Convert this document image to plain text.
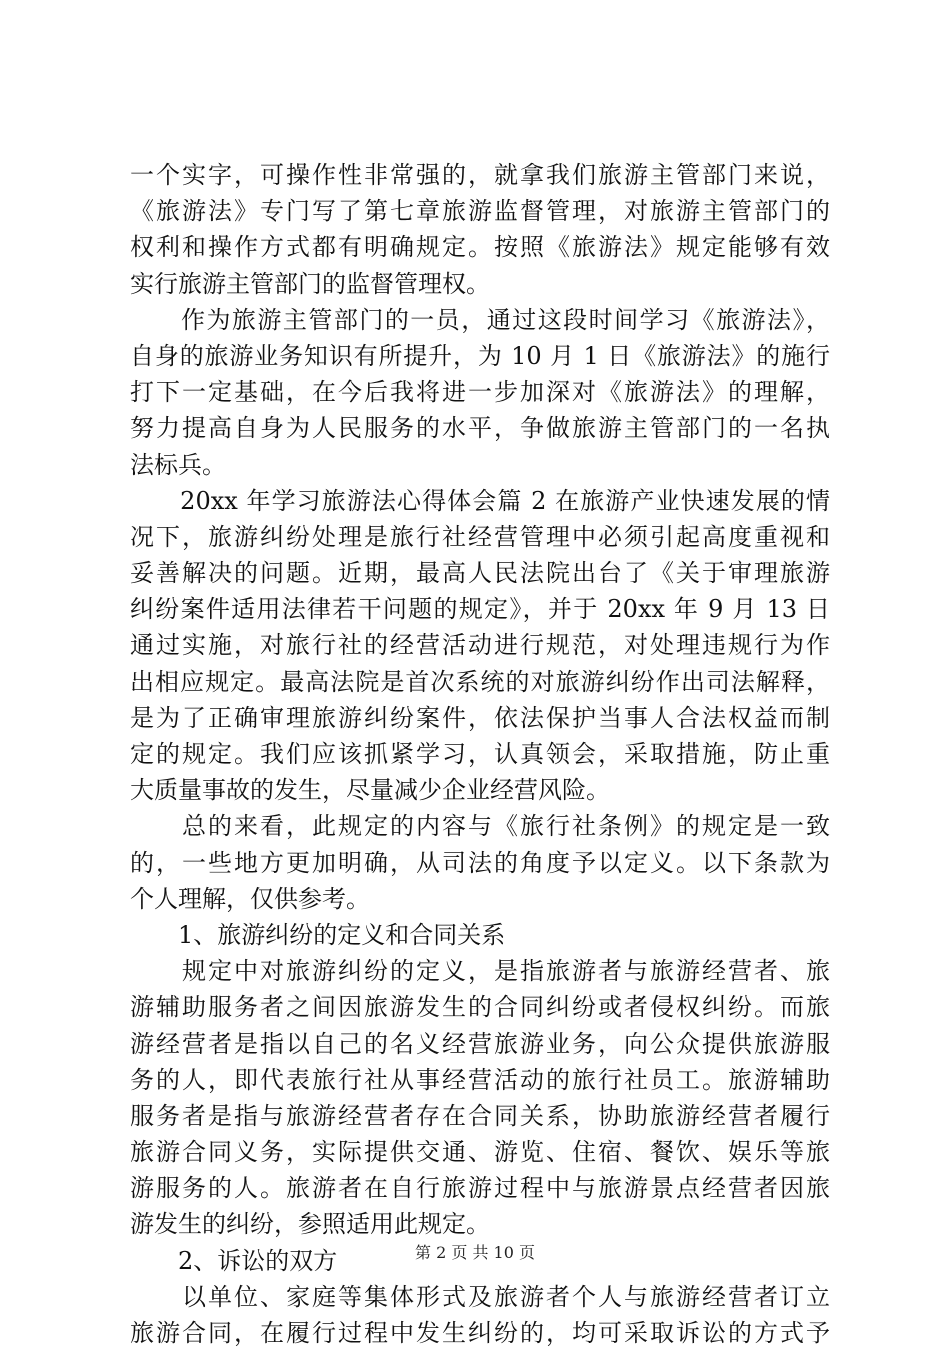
一个实字，可操作性非常强的，就拿我们旅游主管部门来说，
《旅游法》专门写了第七章旅游监督管理，对旅游主管部门的
权利和操作方式都有明确规定。按照《旅游法》规定能够有效
实行旅游主管部门的监督管理权。
　　作为旅游主管部门的一员，通过这段时间学习《旅游法》，
自身的旅游业务知识有所提升，为 10 月 1 日《旅游法》的施行
打下一定基础，在今后我将进一步加深对《旅游法》的理解，
努力提高自身为人民服务的水平，争做旅游主管部门的一名执
法标兵。
　　20xx 年学习旅游法心得体会篇 2 在旅游产业快速发展的情
况下，旅游纠纷处理是旅行社经营管理中必须引起高度重视和
妥善解决的问题。近期，最高人民法院出台了《关于审理旅游
纠纷案件适用法律若干问题的规定》，并于 20xx 年 9 月 13 日
通过实施，对旅行社的经营活动进行规范，对处理违规行为作
出相应规定。最高法院是首次系统的对旅游纠纷作出司法解释，
是为了正确审理旅游纠纷案件，依法保护当事人合法权益而制
定的规定。我们应该抓紧学习，认真领会，采取措施，防止重
大质量事故的发生，尽量减少企业经营风险。
　　总的来看，此规定的内容与《旅行社条例》的规定是一致
的，一些地方更加明确，从司法的角度予以定义。以下条款为
个人理解，仅供参考。
　　1、旅游纠纷的定义和合同关系
　　规定中对旅游纠纷的定义，是指旅游者与旅游经营者、旅
游辅助服务者之间因旅游发生的合同纠纷或者侵权纠纷。而旅
游经营者是指以自己的名义经营旅游业务，向公众提供旅游服
务的人，即代表旅行社从事经营活动的旅行社员工。旅游辅助
服务者是指与旅游经营者存在合同关系，协助旅游经营者履行
旅游合同义务，实际提供交通、游览、住宿、餐饮、娱乐等旅
游服务的人。旅游者在自行旅游过程中与旅游景点经营者因旅
游发生的纠纷，参照适用此规定。
　　2、诉讼的双方
　　以单位、家庭等集体形式及旅游者个人与旅游经营者订立
旅游合同，在履行过程中发生纠纷的，均可采取诉讼的方式予
第 2 页 共 10 页
